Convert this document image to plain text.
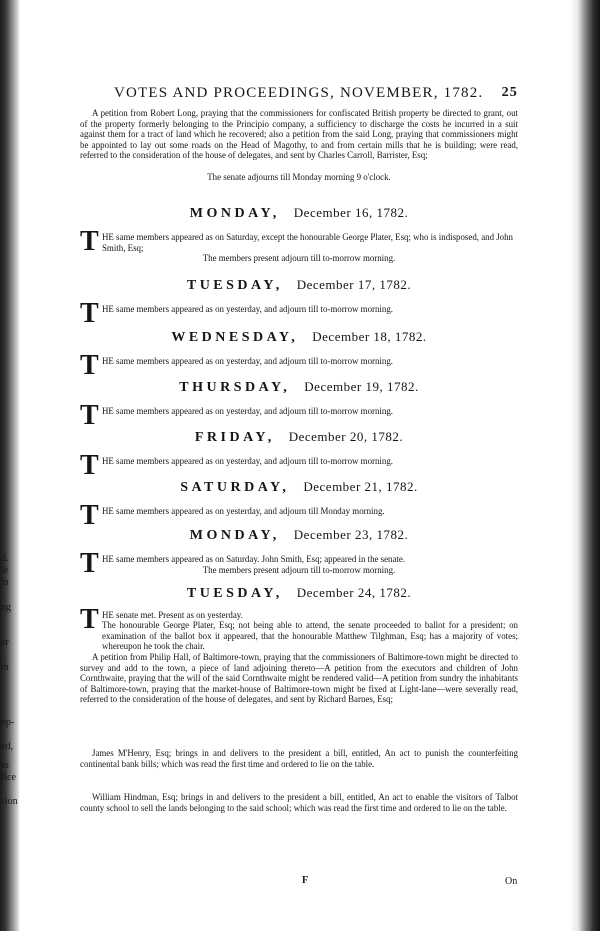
d.
le
in
ng
er
th
op-
ed,
to
fice
sion
VOTES AND PROCEEDINGS, NOVEMBER, 1782. 25

A petition from Robert Long, praying that the commissioners for confiscated British property be directed to grant, out of the property formerly belonging to the Principio company, a sufficiency to discharge the costs he incurred in a suit against them for a tract of land which he recovered; also a petition from the said Long, praying that commissioners might be appointed to lay out some roads on the Head of Magothy, to and from certain mills that he is building; were read, referred to the consideration of the house of delegates, and sent by Charles Carroll, Barrister, Esq;

The senate adjourns till Monday morning 9 o'clock.

MONDAY, December 16, 1782.
T HE same members appeared as on Saturday, except the honourable George Plater, Esq; who is indisposed, and John Smith, Esq;
The members present adjourn till to-morrow morning.
TUESDAY, December 17, 1782.
T HE same members appeared as on yesterday, and adjourn till to-morrow morning.
WEDNESDAY, December 18, 1782.
T HE same members appeared as on yesterday, and adjourn till to-morrow morning.
THURSDAY, December 19, 1782.
T HE same members appeared as on yesterday, and adjourn till to-morrow morning.
FRIDAY, December 20, 1782.
T HE same members appeared as on yesterday, and adjourn till to-morrow morning.
SATURDAY, December 21, 1782.
T HE same members appeared as on yesterday, and adjourn till Monday morning.
MONDAY, December 23, 1782.
T HE same members appeared as on Saturday. John Smith, Esq; appeared in the senate.
The members present adjourn till to-morrow morning.
TUESDAY, December 24, 1782.
T HE senate met. Present as on yesterday.

The honourable George Plater, Esq; not being able to attend, the senate proceeded to ballot for a president; on examination of the ballot box it appeared, that the honourable Matthew Tilghman, Esq; has a majority of votes; whereupon he took the chair.

A petition from Philip Hall, of Baltimore-town, praying that the commissioners of Baltimore-town might be directed to survey and add to the town, a piece of land adjoining thereto—A petition from the executors and children of John Cornthwaite, praying that the will of the said Cornthwaite might be rendered valid—A petition from sundry the inhabitants of Baltimore-town, praying that the market-house of Baltimore-town might be fixed at Light-lane—were severally read, referred to the consideration of the house of delegates, and sent by Richard Barnes, Esq;

James M'Henry, Esq; brings in and delivers to the president a bill, entitled, An act to punish the counterfeiting continental bank bills; which was read the first time and ordered to lie on the table.

William Hindman, Esq; brings in and delivers to the president a bill, entitled, An act to enable the visitors of Talbot county school to sell the lands belonging to the said school; which was read the first time and ordered to lie on the table.

F	On
